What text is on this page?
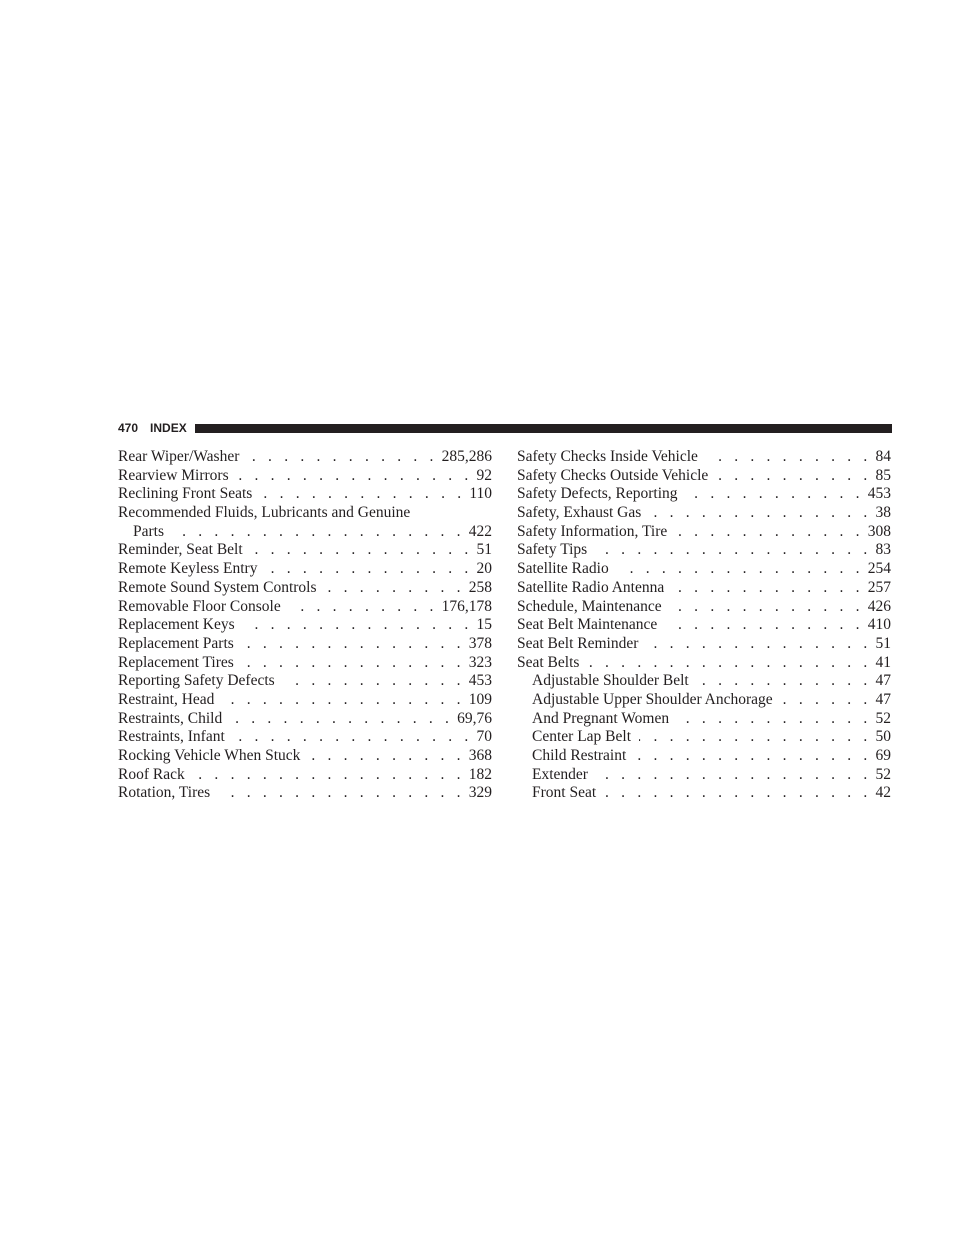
470 INDEX
Rear Wiper/Washer . . .	285,286
Rearview Mirrors . . .	92
Reclining Front Seats . . .	110
Recommended Fluids, Lubricants and Genuine
Parts . . .	422
Reminder, Seat Belt . . .	51
Remote Keyless Entry . . .	20
Remote Sound System Controls . . .	258
Removable Floor Console . . .	176,178
Replacement Keys . . .	15
Replacement Parts . . .	378
Replacement Tires . . .	323
Reporting Safety Defects . . .	453
Restraint, Head . . .	109
Restraints, Child . . .	69,76
Restraints, Infant . . .	70
Rocking Vehicle When Stuck . . .	368
Roof Rack . . .	182
Rotation, Tires . . .	329
Safety Checks Inside Vehicle . . .	84
Safety Checks Outside Vehicle . . .	85
Safety Defects, Reporting . . .	453
Safety, Exhaust Gas . . .	38
Safety Information, Tire . . .	308
Safety Tips . . .	83
Satellite Radio . . .	254
Satellite Radio Antenna . . .	257
Schedule, Maintenance . . .	426
Seat Belt Maintenance . . .	410
Seat Belt Reminder . . .	51
Seat Belts . . .	41
Adjustable Shoulder Belt . . .	47
Adjustable Upper Shoulder Anchorage . . .	47
And Pregnant Women . . .	52
Center Lap Belt . . .	50
Child Restraint . . .	69
Extender . . .	52
Front Seat . . .	42
